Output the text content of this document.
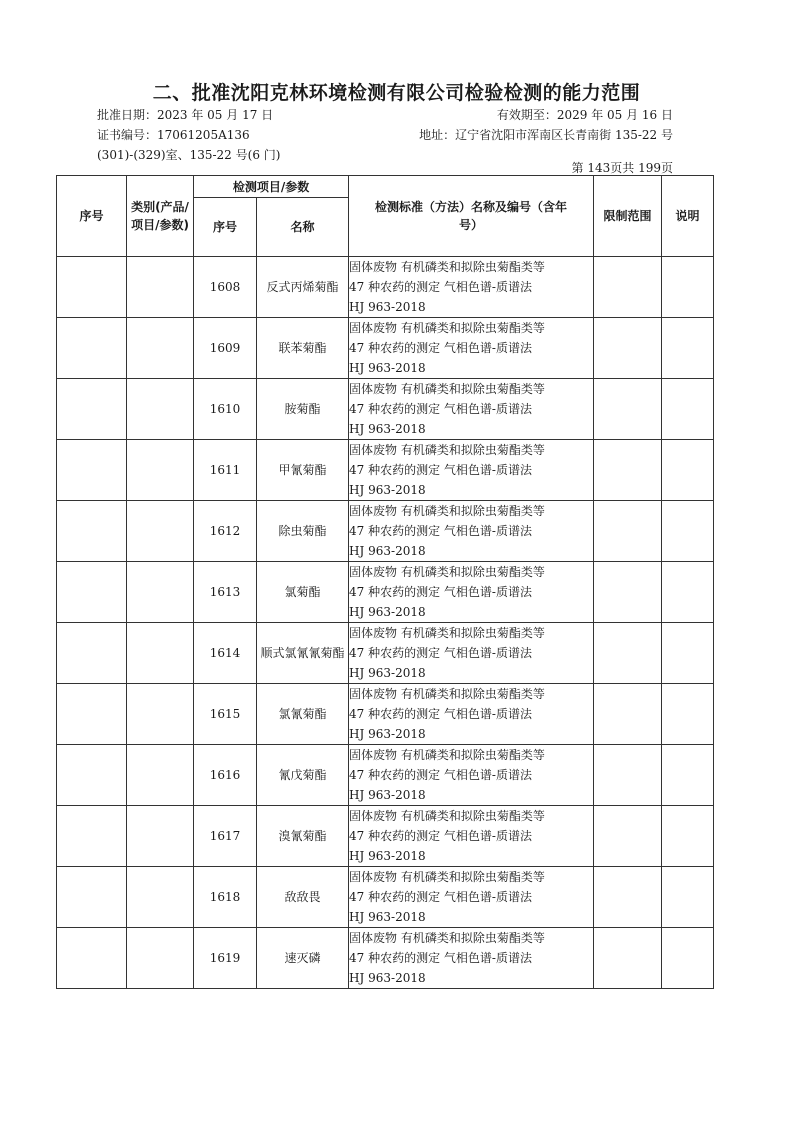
二、批准沈阳克林环境检测有限公司检验检测的能力范围
批准日期：2023 年 05 月 17 日
证书编号：17061205A136
(301)-(329)室、135-22 号(6 门)
有效期至：2029 年 05 月 16 日
地址：辽宁省沈阳市浑南区长青南街 135-22 号
第 143页共 199页
序号	类别(产品/项目/参数)	检测项目/参数		检测标准（方法）名称及编号（含年号）	限制范围	说明
		序号	名称			
		1608	反式丙烯菊酯	固体废物 有机磷类和拟除虫菊酯类等
47 种农药的测定 气相色谱-质谱法
HJ 963-2018		

		1609	联苯菊酯	固体废物 有机磷类和拟除虫菊酯类等
47 种农药的测定 气相色谱-质谱法
HJ 963-2018		

		1610	胺菊酯	固体废物 有机磷类和拟除虫菊酯类等
47 种农药的测定 气相色谱-质谱法
HJ 963-2018		

		1611	甲氰菊酯	固体废物 有机磷类和拟除虫菊酯类等
47 种农药的测定 气相色谱-质谱法
HJ 963-2018		

		1612	除虫菊酯	固体废物 有机磷类和拟除虫菊酯类等
47 种农药的测定 气相色谱-质谱法
HJ 963-2018		

		1613	氯菊酯	固体废物 有机磷类和拟除虫菊酯类等
47 种农药的测定 气相色谱-质谱法
HJ 963-2018		

		1614	顺式氯氰氰菊酯	固体废物 有机磷类和拟除虫菊酯类等
47 种农药的测定 气相色谱-质谱法
HJ 963-2018		

		1615	氯氰菊酯	固体废物 有机磷类和拟除虫菊酯类等
47 种农药的测定 气相色谱-质谱法
HJ 963-2018		

		1616	氰戊菊酯	固体废物 有机磷类和拟除虫菊酯类等
47 种农药的测定 气相色谱-质谱法
HJ 963-2018		

		1617	溴氰菊酯	固体废物 有机磷类和拟除虫菊酯类等
47 种农药的测定 气相色谱-质谱法
HJ 963-2018		

		1618	敌敌畏	固体废物 有机磷类和拟除虫菊酯类等
47 种农药的测定 气相色谱-质谱法
HJ 963-2018		

		1619	速灭磷	固体废物 有机磷类和拟除虫菊酯类等
47 种农药的测定 气相色谱-质谱法
HJ 963-2018		
